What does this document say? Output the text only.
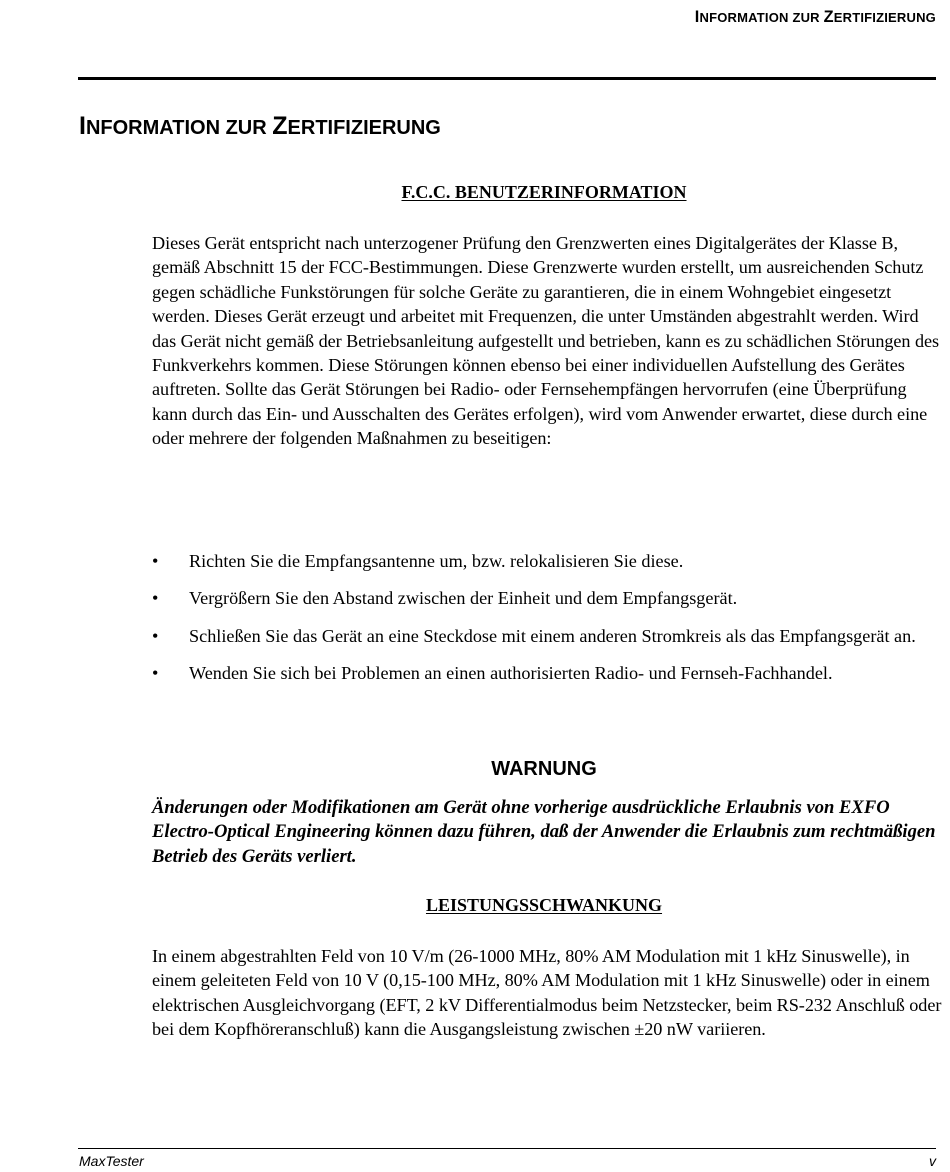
INFORMATION ZUR ZERTIFIZIERUNG
INFORMATION ZUR ZERTIFIZIERUNG
F.C.C. BENUTZERINFORMATION

Dieses Gerät entspricht nach unterzogener Prüfung den Grenzwerten eines Digitalgerätes der Klasse B, gemäß Abschnitt 15 der FCC-Bestimmungen. Diese Grenzwerte wurden erstellt, um ausreichenden Schutz gegen schädliche Funkstörungen für solche Geräte zu garantieren, die in einem Wohngebiet eingesetzt werden. Dieses Gerät erzeugt und arbeitet mit Frequenzen, die unter Umständen abgestrahlt werden. Wird das Gerät nicht gemäß der Betriebsanleitung aufgestellt und betrieben, kann es zu schädlichen Störungen des Funkverkehrs kommen. Diese Störungen können ebenso bei einer individuellen Aufstellung des Gerätes auftreten. Sollte das Gerät Störungen bei Radio- oder Fernsehempfängen hervorrufen (eine Überprüfung kann durch das Ein- und Ausschalten des Gerätes erfolgen), wird vom Anwender erwartet, diese durch eine oder mehrere der folgenden Maßnahmen zu beseitigen:

• Richten Sie die Empfangsantenne um, bzw. relokalisieren Sie diese.
• Vergrößern Sie den Abstand zwischen der Einheit und dem Empfangsgerät.
• Schließen Sie das Gerät an eine Steckdose mit einem anderen Stromkreis als das Empfangsgerät an.
• Wenden Sie sich bei Problemen an einen authorisierten Radio- und Fernseh-Fachhandel.
WARNUNG

Änderungen oder Modifikationen am Gerät ohne vorherige ausdrückliche Erlaubnis von EXFO Electro-Optical Engineering können dazu führen, daß der Anwender die Erlaubnis zum rechtmäßigen Betrieb des Geräts verliert.

LEISTUNGSSCHWANKUNG

In einem abgestrahlten Feld von 10 V/m (26-1000 MHz, 80% AM Modulation mit 1 kHz Sinuswelle), in einem geleiteten Feld von 10 V (0,15-100 MHz, 80% AM Modulation mit 1 kHz Sinuswelle) oder in einem elektrischen Ausgleichvorgang (EFT, 2 kV Differentialmodus beim Netzstecker, beim RS-232 Anschluß oder bei dem Kopfhöreranschluß) kann die Ausgangsleistung zwischen ±20 nW variieren.

MaxTester	v
